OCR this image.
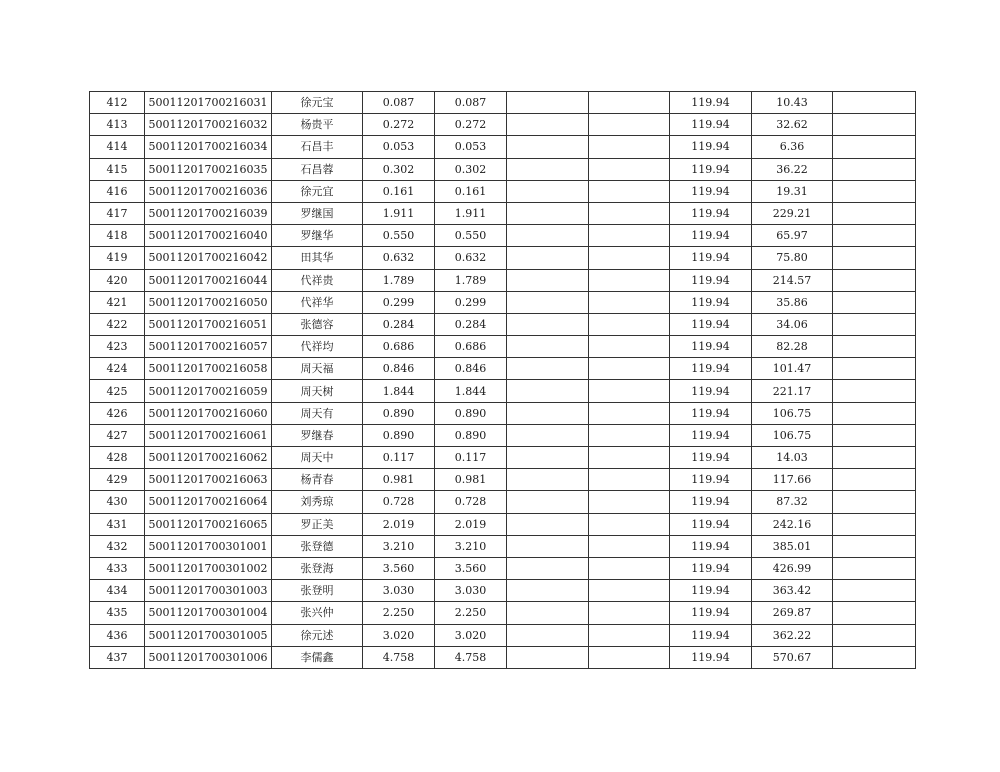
412	50011201700216031	徐元宝	0.087	0.087			119.94	10.43	
413	50011201700216032	杨贵平	0.272	0.272			119.94	32.62	
414	50011201700216034	石昌丰	0.053	0.053			119.94	6.36	
415	50011201700216035	石昌蓉	0.302	0.302			119.94	36.22	
416	50011201700216036	徐元宜	0.161	0.161			119.94	19.31	
417	50011201700216039	罗继国	1.911	1.911			119.94	229.21	
418	50011201700216040	罗继华	0.550	0.550			119.94	65.97	
419	50011201700216042	田其华	0.632	0.632			119.94	75.80	
420	50011201700216044	代祥贵	1.789	1.789			119.94	214.57	
421	50011201700216050	代祥华	0.299	0.299			119.94	35.86	
422	50011201700216051	张德容	0.284	0.284			119.94	34.06	
423	50011201700216057	代祥均	0.686	0.686			119.94	82.28	
424	50011201700216058	周天福	0.846	0.846			119.94	101.47	
425	50011201700216059	周天树	1.844	1.844			119.94	221.17	
426	50011201700216060	周天有	0.890	0.890			119.94	106.75	
427	50011201700216061	罗继春	0.890	0.890			119.94	106.75	
428	50011201700216062	周天中	0.117	0.117			119.94	14.03	
429	50011201700216063	杨青春	0.981	0.981			119.94	117.66	
430	50011201700216064	刘秀琼	0.728	0.728			119.94	87.32	
431	50011201700216065	罗正美	2.019	2.019			119.94	242.16	
432	50011201700301001	张登德	3.210	3.210			119.94	385.01	
433	50011201700301002	张登海	3.560	3.560			119.94	426.99	
434	50011201700301003	张登明	3.030	3.030			119.94	363.42	
435	50011201700301004	张兴仲	2.250	2.250			119.94	269.87	
436	50011201700301005	徐元述	3.020	3.020			119.94	362.22	
437	50011201700301006	李儒鑫	4.758	4.758			119.94	570.67	
